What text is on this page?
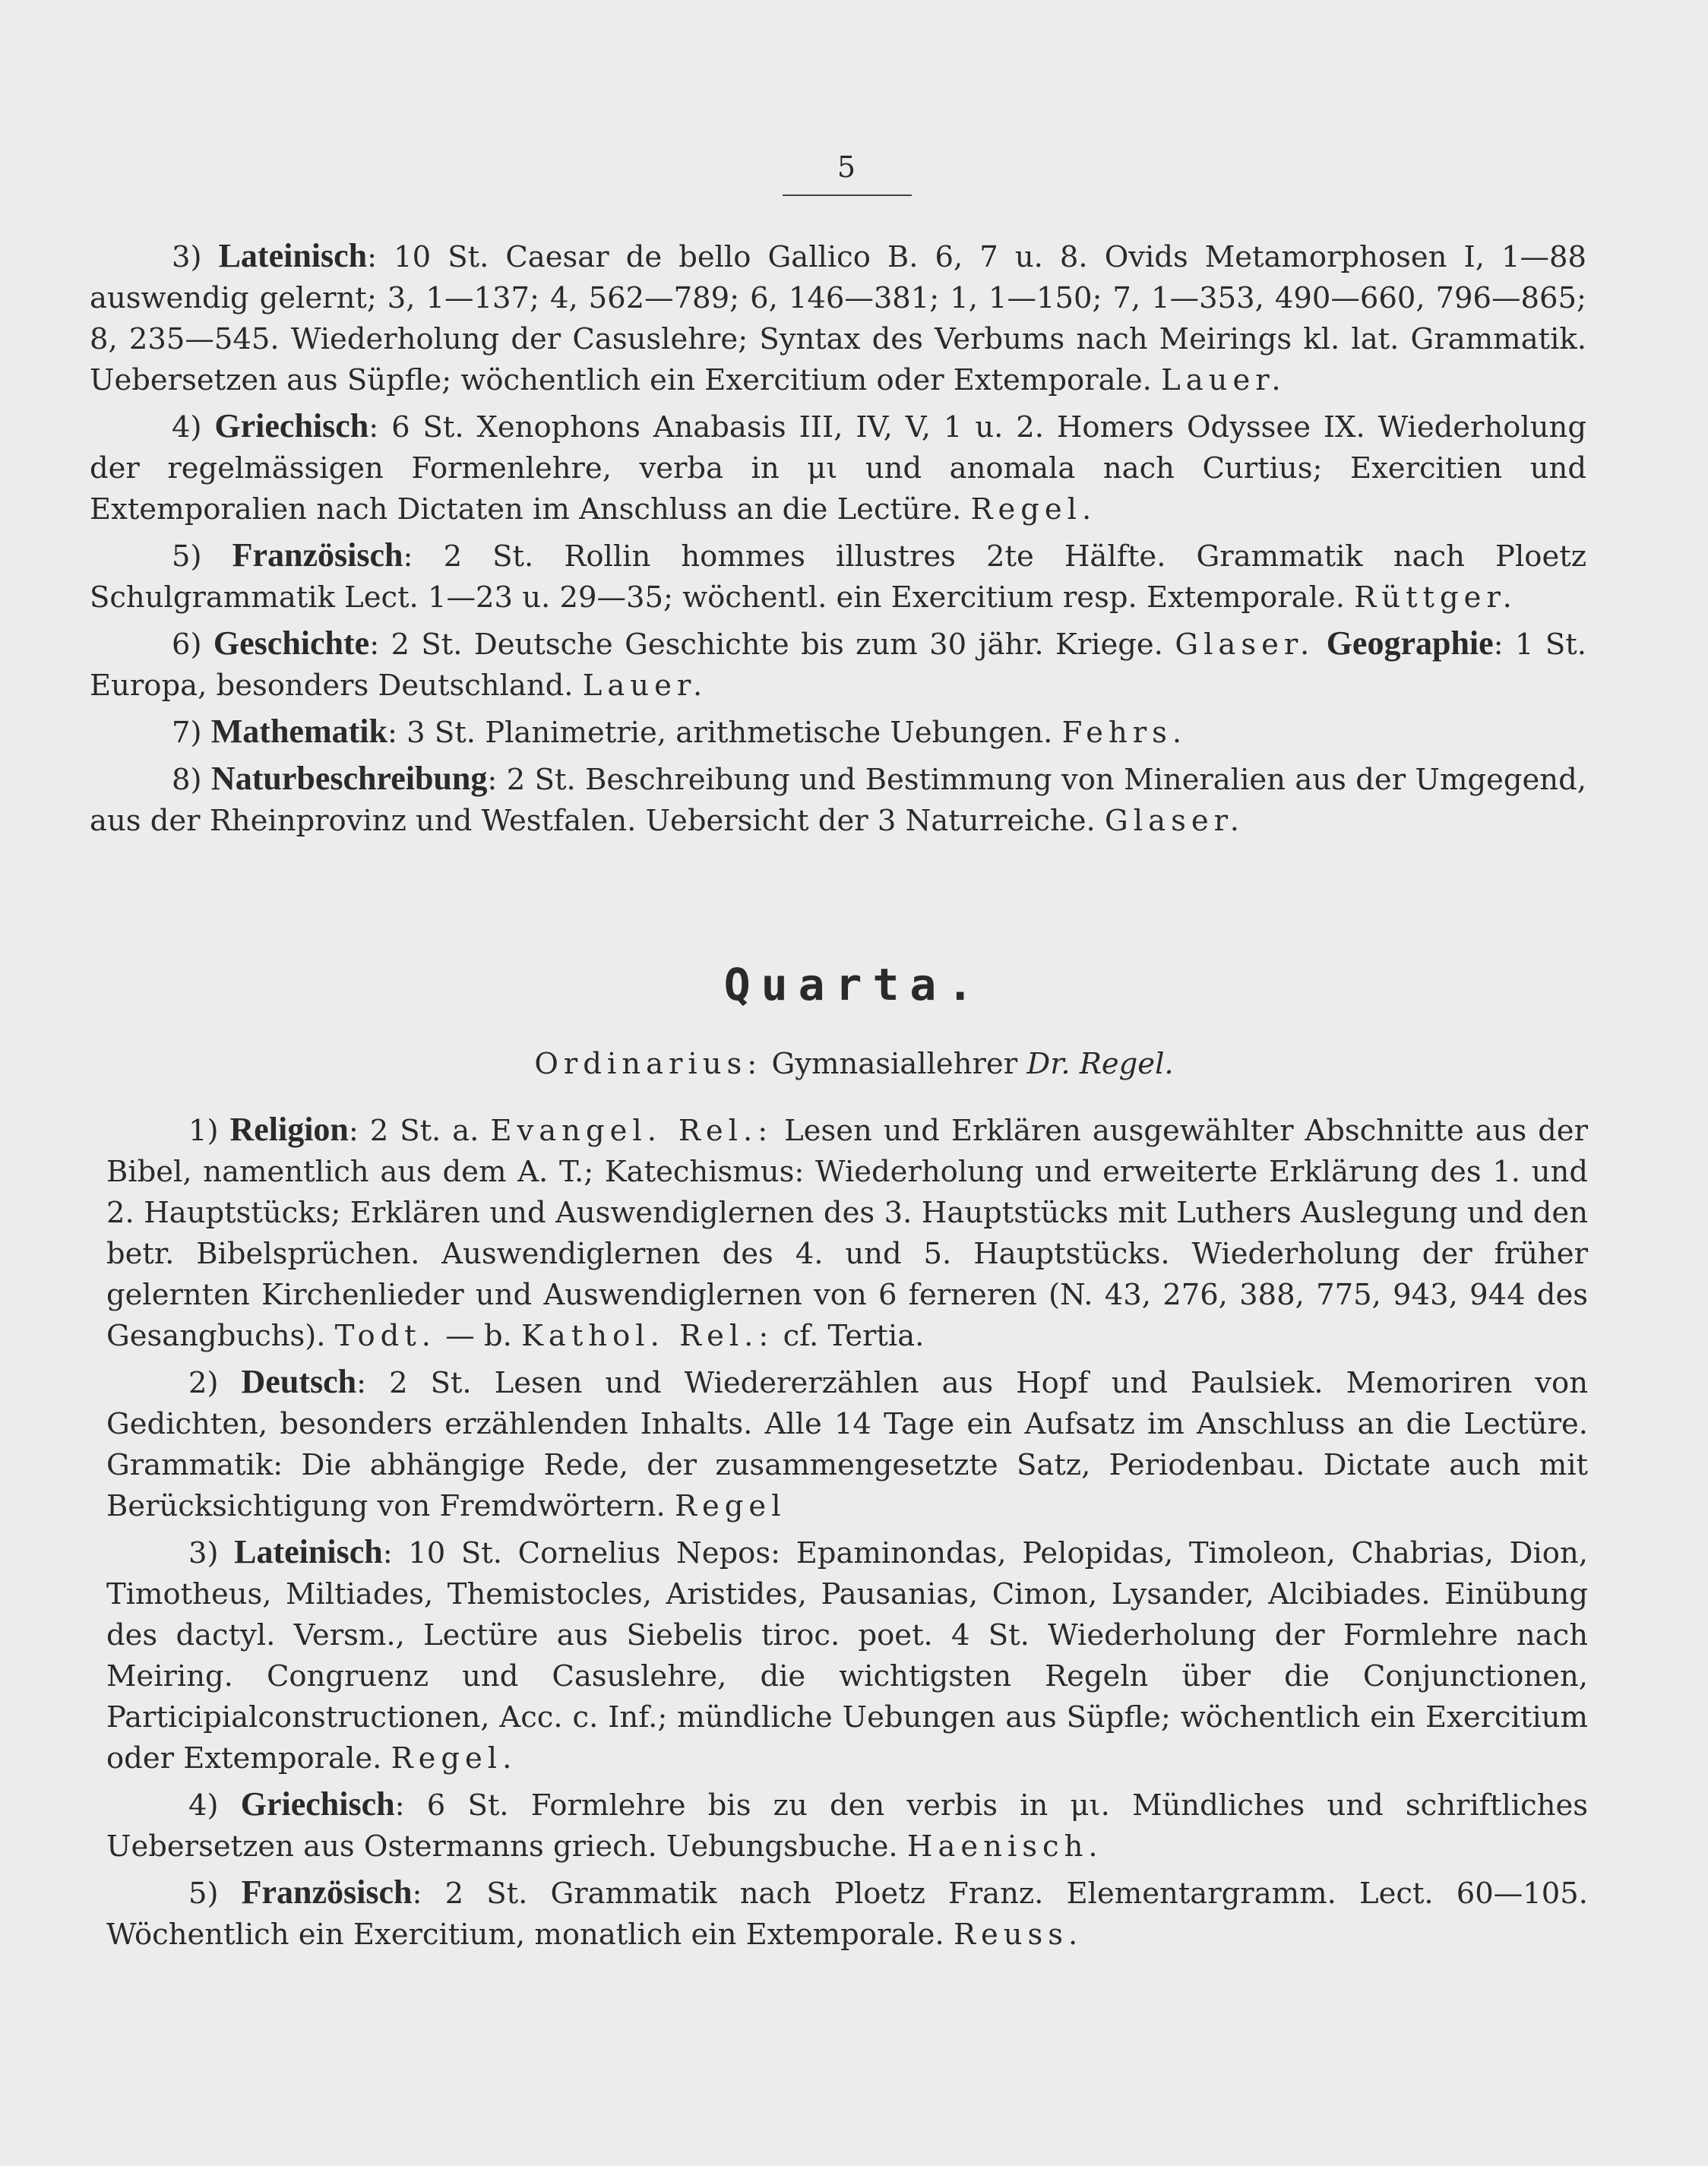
5

3) Lateinisch: 10 St. Caesar de bello Gallico B. 6, 7 u. 8. Ovids Metamorphosen I, 1—88 auswendig gelernt; 3, 1—137; 4, 562—789; 6, 146—381; 1, 1—150; 7, 1—353, 490—660, 796—865; 8, 235—545. Wiederholung der Casuslehre; Syntax des Verbums nach Meirings kl. lat. Grammatik. Uebersetzen aus Süpfle; wöchentlich ein Exercitium oder Extemporale. Lauer.

4) Griechisch: 6 St. Xenophons Anabasis III, IV, V, 1 u. 2. Homers Odyssee IX. Wiederholung der regelmässigen Formenlehre, verba in μι und anomala nach Curtius; Exercitien und Extemporalien nach Dictaten im Anschluss an die Lectüre. Regel.

5) Französisch: 2 St. Rollin hommes illustres 2te Hälfte. Grammatik nach Ploetz Schulgrammatik Lect. 1—23 u. 29—35; wöchentl. ein Exercitium resp. Extemporale. Rüttger.

6) Geschichte: 2 St. Deutsche Geschichte bis zum 30 jähr. Kriege. Glaser. Geographie: 1 St. Europa, besonders Deutschland. Lauer.

7) Mathematik: 3 St. Planimetrie, arithmetische Uebungen. Fehrs.

8) Naturbeschreibung: 2 St. Beschreibung und Bestimmung von Mineralien aus der Umgegend, aus der Rheinprovinz und Westfalen. Uebersicht der 3 Naturreiche. Glaser.

Quarta.
Ordinarius: Gymnasiallehrer Dr. Regel.

1) Religion: 2 St. a. Evangel. Rel.: Lesen und Erklären ausgewählter Abschnitte aus der Bibel, namentlich aus dem A. T.; Katechismus: Wiederholung und erweiterte Erklärung des 1. und 2. Hauptstücks; Erklären und Auswendiglernen des 3. Hauptstücks mit Luthers Auslegung und den betr. Bibelsprüchen. Auswendiglernen des 4. und 5. Hauptstücks. Wiederholung der früher gelernten Kirchenlieder und Auswendiglernen von 6 ferneren (N. 43, 276, 388, 775, 943, 944 des Gesangbuchs). Todt. — b. Kathol. Rel.: cf. Tertia.

2) Deutsch: 2 St. Lesen und Wiedererzählen aus Hopf und Paulsiek. Memoriren von Gedichten, besonders erzählenden Inhalts. Alle 14 Tage ein Aufsatz im Anschluss an die Lectüre. Grammatik: Die abhängige Rede, der zusammengesetzte Satz, Periodenbau. Dictate auch mit Berücksichtigung von Fremdwörtern. Regel

3) Lateinisch: 10 St. Cornelius Nepos: Epaminondas, Pelopidas, Timoleon, Chabrias, Dion, Timotheus, Miltiades, Themistocles, Aristides, Pausanias, Cimon, Lysander, Alcibiades. Einübung des dactyl. Versm., Lectüre aus Siebelis tiroc. poet. 4 St. Wiederholung der Formlehre nach Meiring. Congruenz und Casuslehre, die wichtigsten Regeln über die Conjunctionen, Participialconstructionen, Acc. c. Inf.; mündliche Uebungen aus Süpfle; wöchentlich ein Exercitium oder Extemporale. Regel.

4) Griechisch: 6 St. Formlehre bis zu den verbis in μι. Mündliches und schriftliches Uebersetzen aus Ostermanns griech. Uebungsbuche. Haenisch.

5) Französisch: 2 St. Grammatik nach Ploetz Franz. Elementargramm. Lect. 60—105. Wöchentlich ein Exercitium, monatlich ein Extemporale. Reuss.
